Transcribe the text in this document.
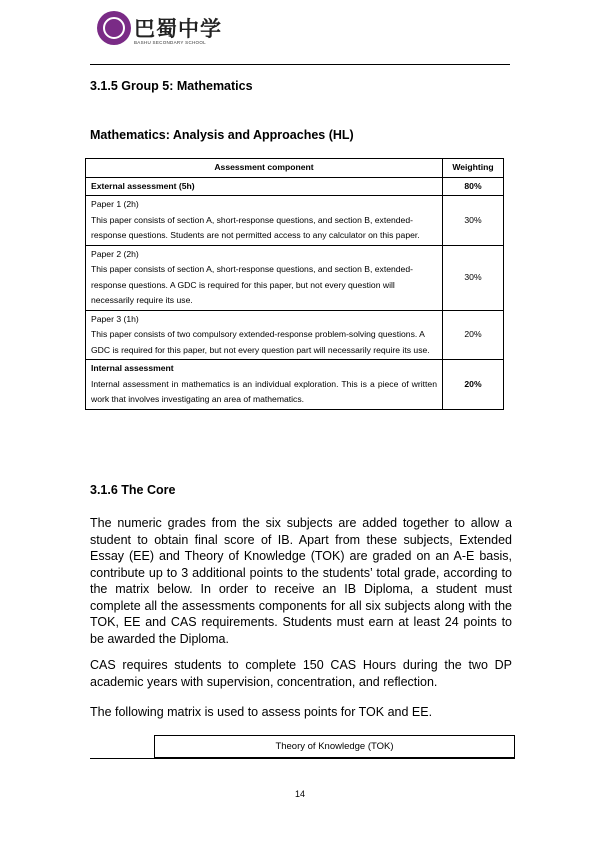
巴蜀中学
BASHU SECONDARY SCHOOL
3.1.5 Group 5: Mathematics
Mathematics: Analysis and Approaches (HL)
Assessment component	Weighting
External assessment (5h)	80%

Paper 1 (2h)
This paper consists of section A, short-response questions, and section B, extended-response questions. Students are not permitted access to any calculator on this paper.	30%

Paper 2 (2h)
This paper consists of section A, short-response questions, and section B, extended-response questions. A GDC is required for this paper, but not every question will necessarily require its use.	30%

Paper 3 (1h)
This paper consists of two compulsory extended-response problem-solving questions. A GDC is required for this paper, but not every question part will necessarily require its use.	20%

Internal assessment
Internal assessment in mathematics is an individual exploration. This is a piece of written work that involves investigating an area of mathematics.	20%
3.1.6 The Core
The numeric grades from the six subjects are added together to allow a student to obtain final score of IB. Apart from these subjects, Extended Essay (EE) and Theory of Knowledge (TOK) are graded on an A-E basis, contribute up to 3 additional points to the students’ total grade, according to the matrix below. In order to receive an IB Diploma, a student must complete all the assessments components for all six subjects along with the TOK, EE and CAS requirements. Students must earn at least 24 points to be awarded the Diploma.
CAS requires students to complete 150 CAS Hours during the two DP academic years with supervision, concentration, and reflection.
The following matrix is used to assess points for TOK and EE.
Theory of Knowledge (TOK)
14
